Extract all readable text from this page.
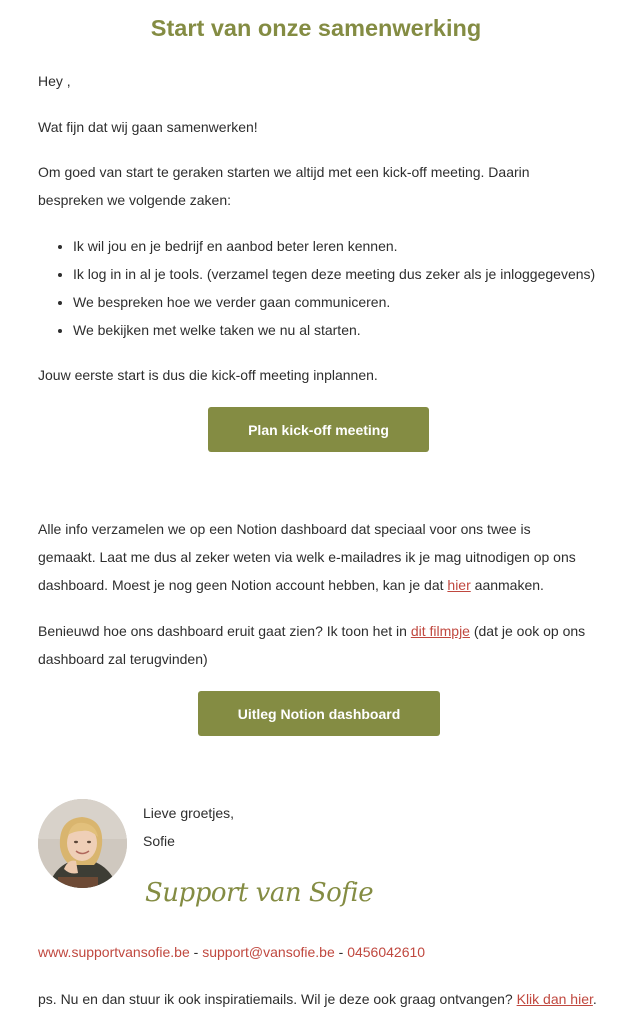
Start van onze samenwerking

Hey ,

Wat fijn dat wij gaan samenwerken!

Om goed van start te geraken starten we altijd met een kick-off meeting. Daarin

bespreken we volgende zaken:

• Ik wil jou en je bedrijf en aanbod beter leren kennen.
• Ik log in in al je tools. (verzamel tegen deze meeting dus zeker als je inloggegevens)
• We bespreken hoe we verder gaan communiceren.
• We bekijken met welke taken we nu al starten.

Jouw eerste start is dus die kick-off meeting inplannen.

Plan kick-off meeting

Alle info verzamelen we op een Notion dashboard dat speciaal voor ons twee is

gemaakt. Laat me dus al zeker weten via welk e-mailadres ik je mag uitnodigen op ons

dashboard. Moest je nog geen Notion account hebben, kan je dat hier aanmaken.

Benieuwd hoe ons dashboard eruit gaat zien? Ik toon het in dit filmpje (dat je ook op ons

dashboard zal terugvinden)

Uitleg Notion dashboard

Lieve groetjes,

Sofie

Support van Sofie
www.supportvansofie.be - support@vansofie.be - 0456042610

ps. Nu en dan stuur ik ook inspiratiemails. Wil je deze ook graag ontvangen? Klik dan hier.
